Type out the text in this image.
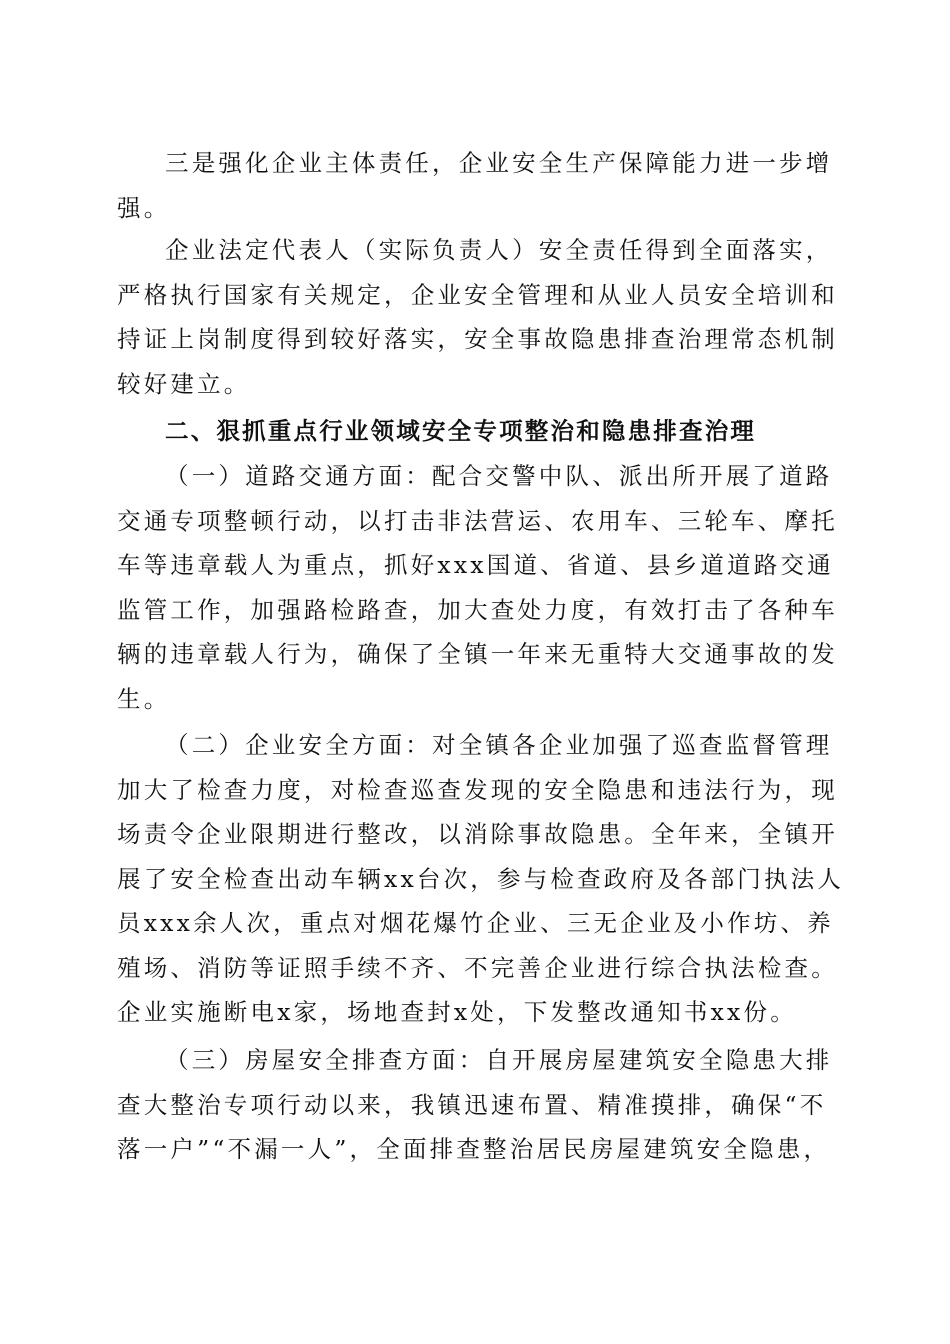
三是强化企业主体责任，企业安全生产保障能力进一步增
强。

企业法定代表人（实际负责人）安全责任得到全面落实，
严格执行国家有关规定，企业安全管理和从业人员安全培训和
持证上岗制度得到较好落实，安全事故隐患排查治理常态机制
较好建立。

二、狠抓重点行业领域安全专项整治和隐患排查治理

（一）道路交通方面：配合交警中队、派出所开展了道路
交通专项整顿行动，以打击非法营运、农用车、三轮车、摩托
车等违章载人为重点，抓好xxx国道、省道、县乡道道路交通
监管工作，加强路检路查，加大查处力度，有效打击了各种车
辆的违章载人行为，确保了全镇一年来无重特大交通事故的发
生。

（二）企业安全方面：对全镇各企业加强了巡查监督管理
加大了检查力度，对检查巡查发现的安全隐患和违法行为，现
场责令企业限期进行整改，以消除事故隐患。全年来，全镇开
展了安全检查出动车辆xx台次，参与检查政府及各部门执法人
员xxx余人次，重点对烟花爆竹企业、三无企业及小作坊、养
殖场、消防等证照手续不齐、不完善企业进行综合执法检查。
企业实施断电x家，场地查封x处，下发整改通知书xx份。

（三）房屋安全排查方面：自开展房屋建筑安全隐患大排
查大整治专项行动以来，我镇迅速布置、精准摸排，确保“不
落一户”“不漏一人”，全面排查整治居民房屋建筑安全隐患，
